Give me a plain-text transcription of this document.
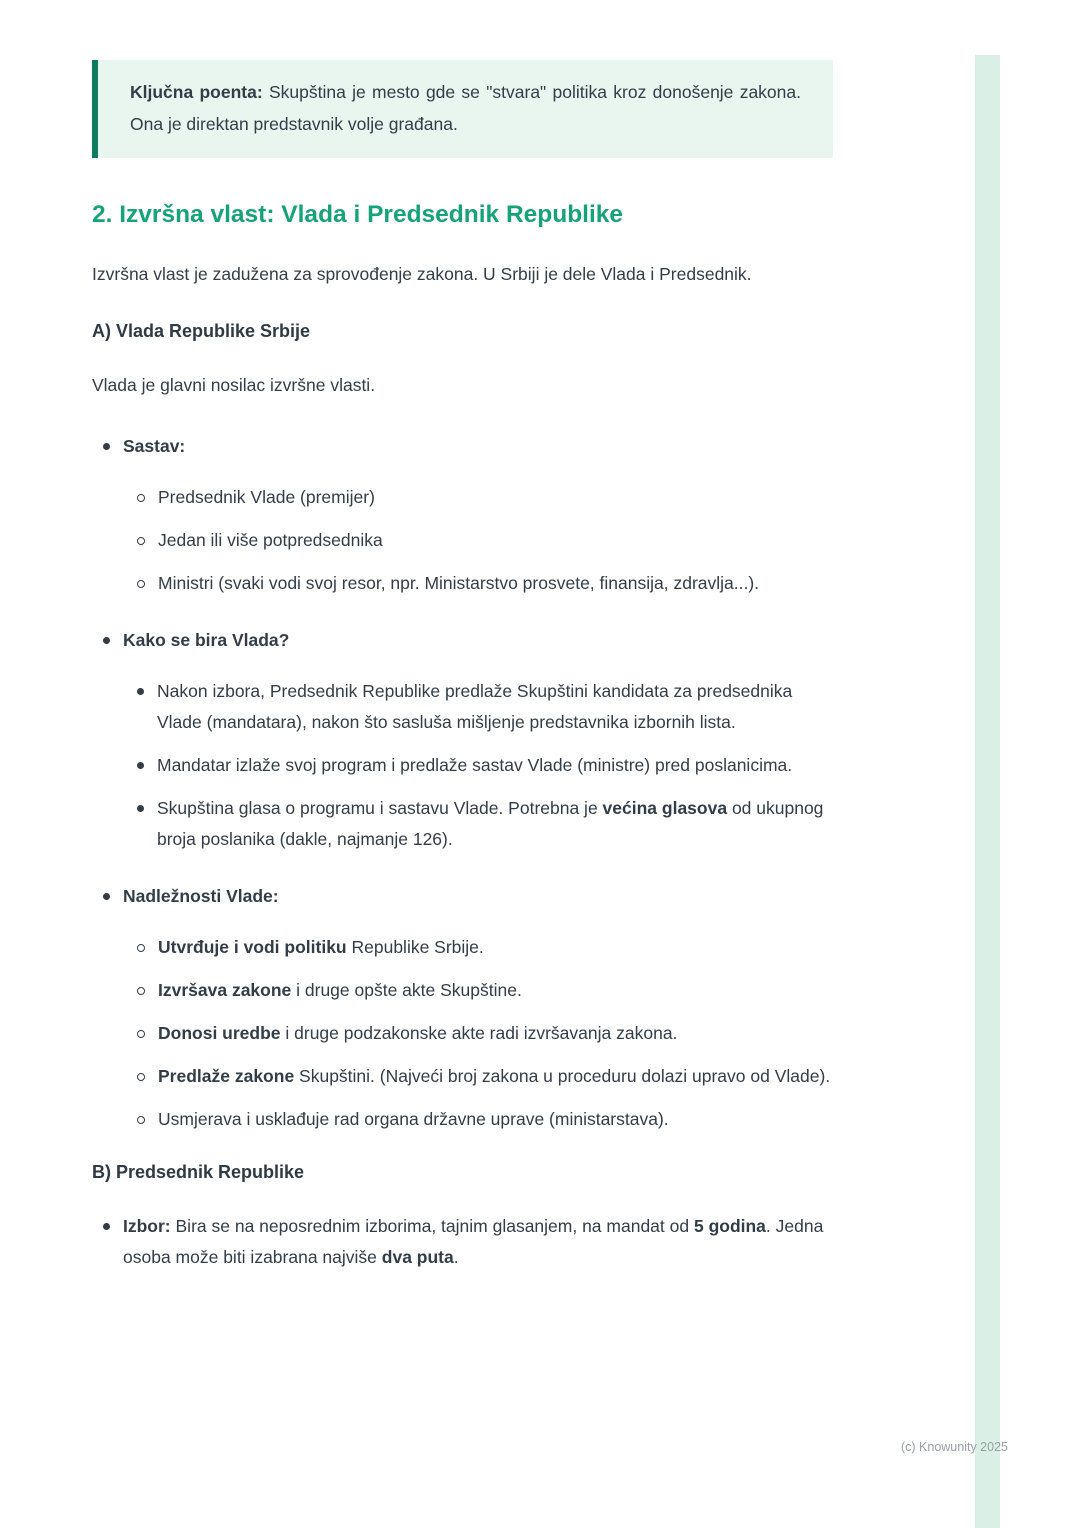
Ključna poenta: Skupština je mesto gde se "stvara" politika kroz donošenje zakona. Ona je direktan predstavnik volje građana.

2. Izvršna vlast: Vlada i Predsednik Republike

Izvršna vlast je zadužena za sprovođenje zakona. U Srbiji je dele Vlada i Predsednik.

A) Vlada Republike Srbije

Vlada je glavni nosilac izvršne vlasti.

Sastav:

Predsednik Vlade (premijer)

Jedan ili više potpredsednika

Ministri (svaki vodi svoj resor, npr. Ministarstvo prosvete, finansija, zdravlja...).

Kako se bira Vlada?

Nakon izbora, Predsednik Republike predlaže Skupštini kandidata za predsednika Vlade (mandatara), nakon što sasluša mišljenje predstavnika izbornih lista.

Mandatar izlaže svoj program i predlaže sastav Vlade (ministre) pred poslanicima.

Skupština glasa o programu i sastavu Vlade. Potrebna je većina glasova od ukupnog broja poslanika (dakle, najmanje 126).

Nadležnosti Vlade:

Utvrđuje i vodi politiku Republike Srbije.

Izvršava zakone i druge opšte akte Skupštine.

Donosi uredbe i druge podzakonske akte radi izvršavanja zakona.

Predlaže zakone Skupštini. (Najveći broj zakona u proceduru dolazi upravo od Vlade).

Usmjerava i usklađuje rad organa državne uprave (ministarstava).

B) Predsednik Republike

Izbor: Bira se na neposrednim izborima, tajnim glasanjem, na mandat od 5 godina. Jedna osoba može biti izabrana najviše dva puta.

(c) Knowunity 2025
